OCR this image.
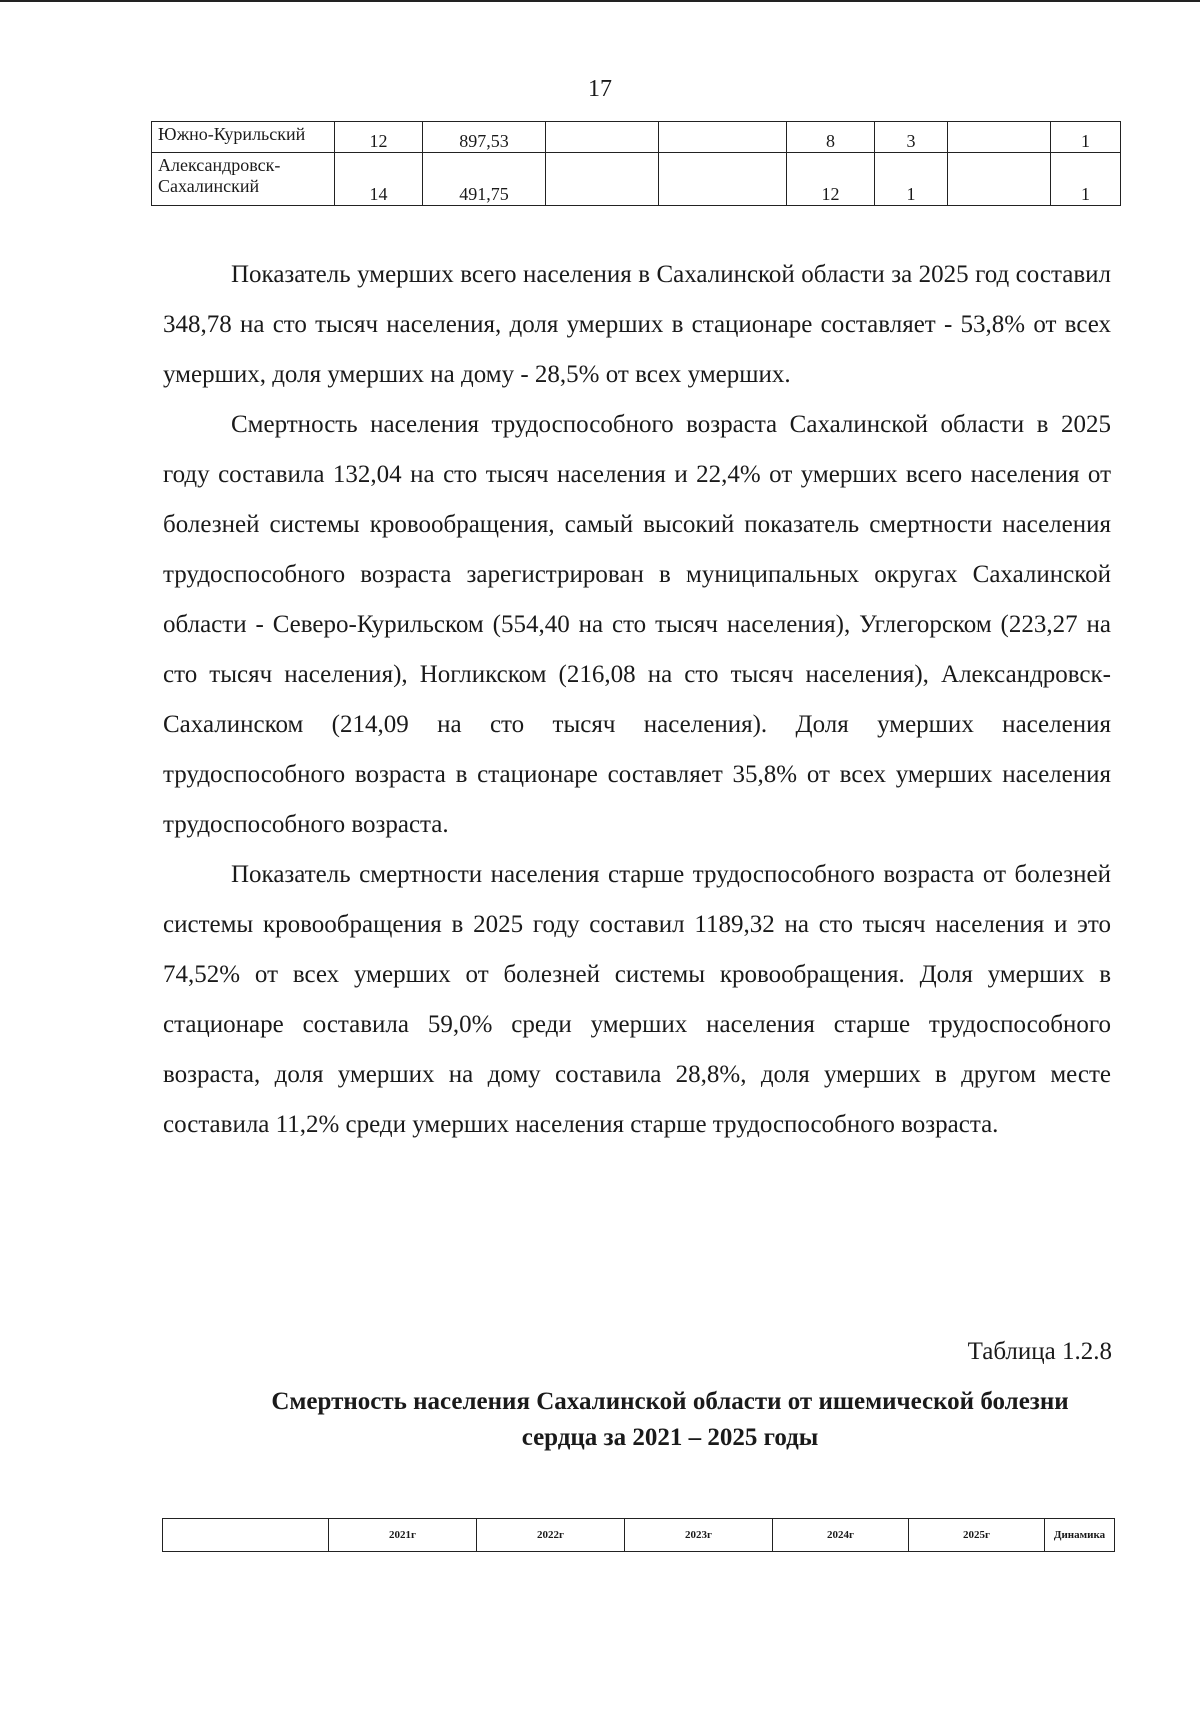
17
Южно-Курильский	12	897,53			8	3		1
Александровск-Сахалинский	14	491,75			12	1		1

Показатель умерших всего населения в Сахалинской области за 2025 год составил 348,78 на сто тысяч населения, доля умерших в стационаре составляет - 53,8% от всех умерших, доля умерших на дому - 28,5% от всех умерших.

Смертность населения трудоспособного возраста Сахалинской области в 2025 году составила 132,04 на сто тысяч населения и 22,4% от умерших всего населения от болезней системы кровообращения, самый высокий показатель смертности населения трудоспособного возраста зарегистрирован в муниципальных округах Сахалинской области - Северо-Курильском (554,40 на сто тысяч населения), Углегорском (223,27 на сто тысяч населения), Ногликском (216,08 на сто тысяч населения), Александровск-Сахалинском (214,09 на сто тысяч населения). Доля умерших населения трудоспособного возраста в стационаре составляет 35,8% от всех умерших населения трудоспособного возраста.

Показатель смертности населения старше трудоспособного возраста от болезней системы кровообращения в 2025 году составил 1189,32 на сто тысяч населения и это 74,52% от всех умерших от болезней системы кровообращения. Доля умерших в стационаре составила 59,0% среди умерших населения старше трудоспособного возраста, доля умерших на дому составила 28,8%, доля умерших в другом месте составила 11,2% среди умерших населения старше трудоспособного возраста.

Таблица 1.2.8
Смертность населения Сахалинской области от ишемической болезни сердца за 2021 – 2025 годы
	2021г	2022г	2023г	2024г	2025г	Динамика
